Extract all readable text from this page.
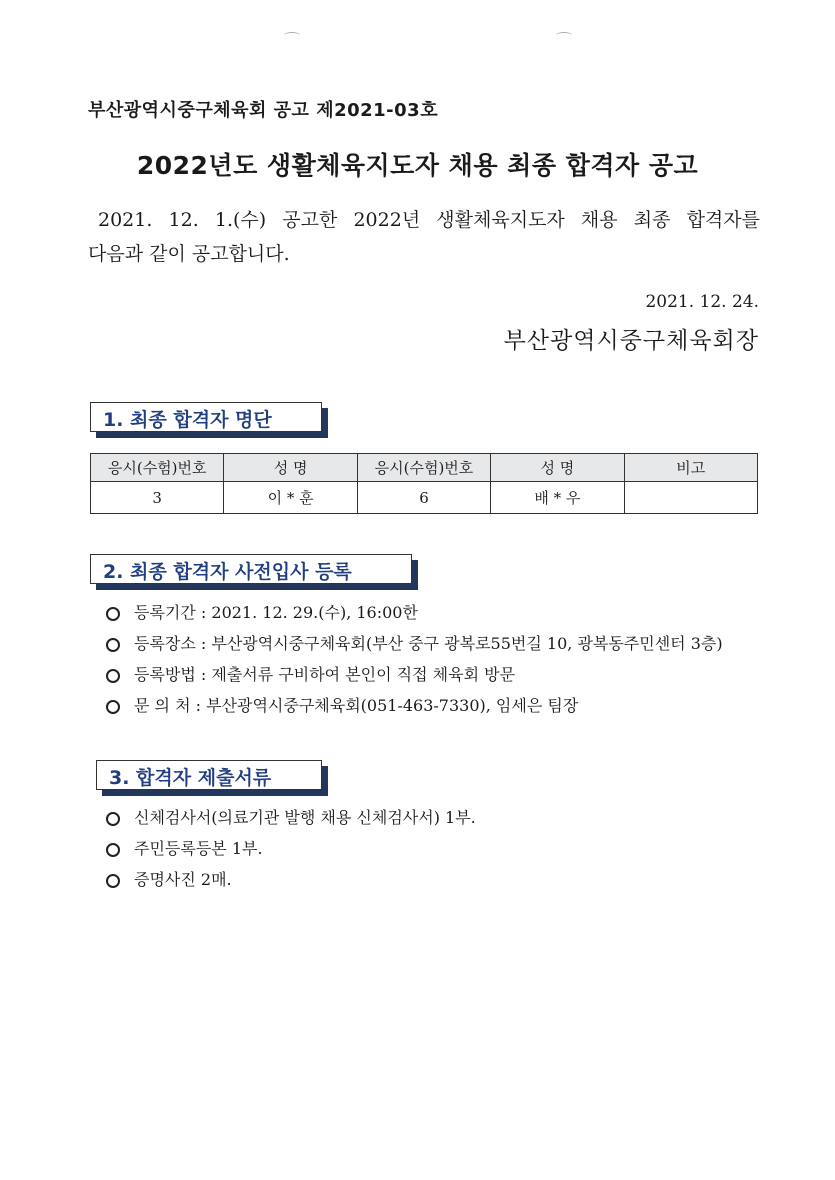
부산광역시중구체육회 공고 제2021-03호
2022년도 생활체육지도자 채용 최종 합격자 공고
2021. 12. 1.(수) 공고한 2022년 생활체육지도자 채용 최종 합격자를
다음과 같이 공고합니다.
2021. 12. 24.
부산광역시중구체육회장
1. 최종 합격자 명단
응시(수험)번호	성 명	응시(수험)번호	성 명	비고
3	이 * 훈	6	배 * 우	
2. 최종 합격자 사전입사 등록
등록기간 : 2021. 12. 29.(수), 16:00한
등록장소 : 부산광역시중구체육회(부산 중구 광복로55번길 10, 광복동주민센터 3층)
등록방법 : 제출서류 구비하여 본인이 직접 체육회 방문
문 의 처 : 부산광역시중구체육회(051-463-7330), 임세은 팀장
3. 합격자 제출서류
신체검사서(의료기관 발행 채용 신체검사서) 1부.
주민등록등본 1부.
증명사진 2매.
